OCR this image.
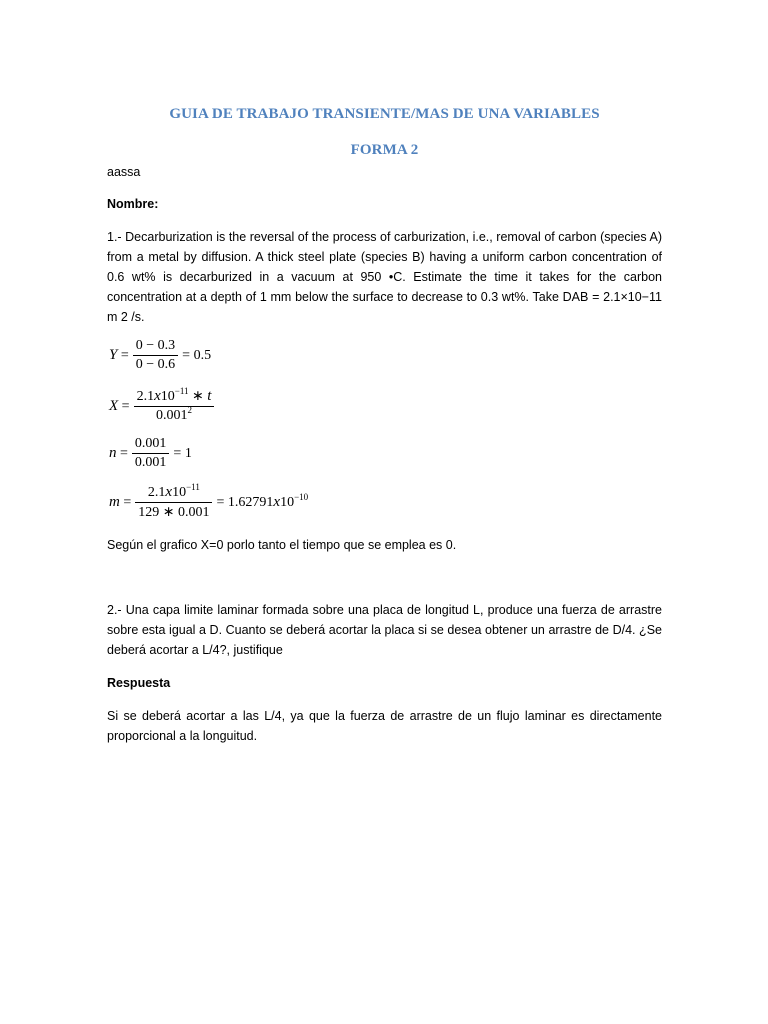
GUIA DE TRABAJO TRANSIENTE/MAS DE UNA VARIABLES
FORMA 2
aassa
Nombre:
1.- Decarburization is the reversal of the process of carburization, i.e., removal of carbon (species A) from a metal by diffusion. A thick steel plate (species B) having a uniform carbon concentration of 0.6 wt% is decarburized in a vacuum at 950 •C. Estimate the time it takes for the carbon concentration at a depth of 1 mm below the surface to decrease to 0.3 wt%. Take DAB = 2.1×10−11 m 2 /s.
Y =	$\frac{0 - 0.3}{0 - 0.6}$	= 0.5
X =	$\frac{2.1x10^{-11} ∗ t}{0.001^2}$
n =	$\frac{0.001}{0.001}$	= 1
m =	$\frac{2.1x10^{-11}}{129 ∗ 0.001}$	= $1.62791x10^{-10}$
Según el grafico X=0 porlo tanto el tiempo que se emplea es 0.
2.- Una capa limite laminar formada sobre una placa de longitud L, produce una fuerza de arrastre sobre esta igual a D. Cuanto se deberá acortar la placa si se desea obtener un arrastre de D/4. ¿Se deberá acortar a L/4?, justifique
Respuesta
Si se deberá acortar a las L/4, ya que la fuerza de arrastre de un flujo laminar es directamente proporcional a la longuitud.
